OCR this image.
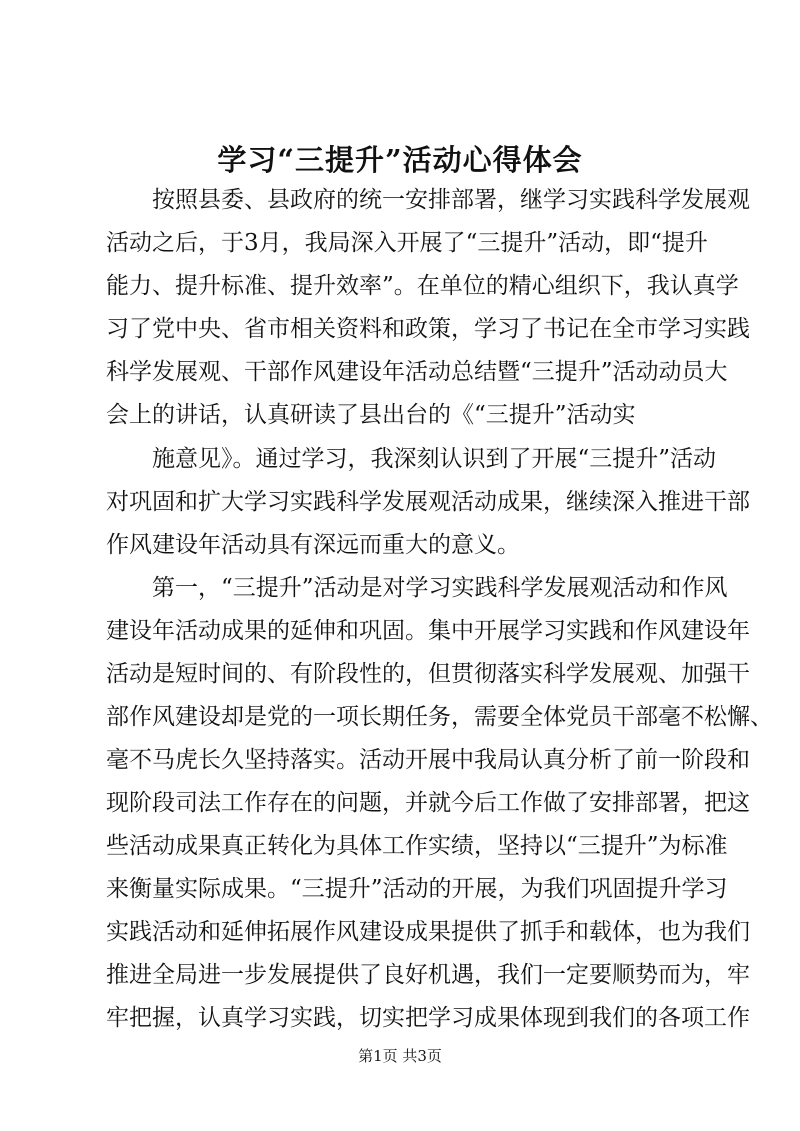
学习“三提升”活动心得体会
按照县委、县政府的统一安排部署，继学习实践科学发展观
活动之后，于3月，我局深入开展了“三提升”活动，即“提升
能力、提升标准、提升效率”。在单位的精心组织下，我认真学
习了党中央、省市相关资料和政策，学习了书记在全市学习实践
科学发展观、干部作风建设年活动总结暨“三提升”活动动员大
会上的讲话，认真研读了县出台的《“三提升”活动实
施意见》。通过学习，我深刻认识到了开展“三提升”活动
对巩固和扩大学习实践科学发展观活动成果，继续深入推进干部
作风建设年活动具有深远而重大的意义。
第一，“三提升”活动是对学习实践科学发展观活动和作风
建设年活动成果的延伸和巩固。集中开展学习实践和作风建设年
活动是短时间的、有阶段性的，但贯彻落实科学发展观、加强干
部作风建设却是党的一项长期任务，需要全体党员干部毫不松懈、
毫不马虎长久坚持落实。活动开展中我局认真分析了前一阶段和
现阶段司法工作存在的问题，并就今后工作做了安排部署，把这
些活动成果真正转化为具体工作实绩，坚持以“三提升”为标准
来衡量实际成果。“三提升”活动的开展，为我们巩固提升学习
实践活动和延伸拓展作风建设成果提供了抓手和载体，也为我们
推进全局进一步发展提供了良好机遇，我们一定要顺势而为，牢
牢把握，认真学习实践，切实把学习成果体现到我们的各项工作
第1页 共3页
